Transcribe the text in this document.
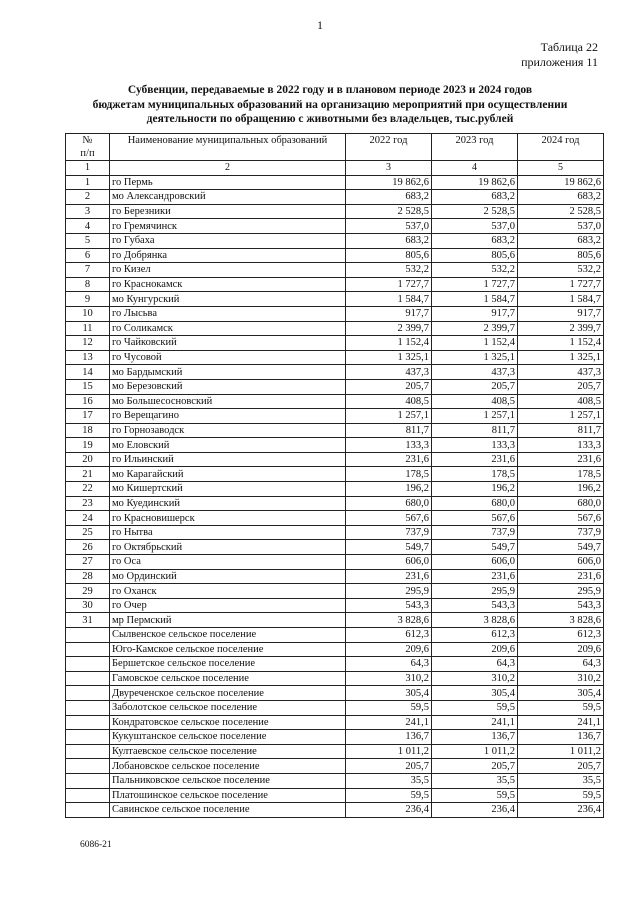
1
Таблица 22
приложения 11
Субвенции, передаваемые в 2022 году и в плановом периоде 2023 и 2024 годов
бюджетам муниципальных образований на организацию мероприятий при осуществлении
деятельности по обращению с животными без владельцев, тыс.рублей
№
п/п	Наименование муниципальных образований	2022 год	2023 год	2024 год
1	2	3	4	5
1	го Пермь	19 862,6	19 862,6	19 862,6
2	мо Александровский	683,2	683,2	683,2
3	го Березники	2 528,5	2 528,5	2 528,5
4	го Гремячинск	537,0	537,0	537,0
5	го Губаха	683,2	683,2	683,2
6	го Добрянка	805,6	805,6	805,6
7	го Кизел	532,2	532,2	532,2
8	го Краснокамск	1 727,7	1 727,7	1 727,7
9	мо Кунгурский	1 584,7	1 584,7	1 584,7
10	го Лысьва	917,7	917,7	917,7
11	го Соликамск	2 399,7	2 399,7	2 399,7
12	го Чайковский	1 152,4	1 152,4	1 152,4
13	го Чусовой	1 325,1	1 325,1	1 325,1
14	мо Бардымский	437,3	437,3	437,3
15	мо Березовский	205,7	205,7	205,7
16	мо Большесосновский	408,5	408,5	408,5
17	го Верещагино	1 257,1	1 257,1	1 257,1
18	го Горнозаводск	811,7	811,7	811,7
19	мо Еловский	133,3	133,3	133,3
20	го Ильинский	231,6	231,6	231,6
21	мо Карагайский	178,5	178,5	178,5
22	мо Кишертский	196,2	196,2	196,2
23	мо Куединский	680,0	680,0	680,0
24	го Красновишерск	567,6	567,6	567,6
25	го Нытва	737,9	737,9	737,9
26	го Октябрьский	549,7	549,7	549,7
27	го Оса	606,0	606,0	606,0
28	мо Ординский	231,6	231,6	231,6
29	го Оханск	295,9	295,9	295,9
30	го Очер	543,3	543,3	543,3
31	мр Пермский	3 828,6	3 828,6	3 828,6
	Сылвенское сельское поселение	612,3	612,3	612,3
	Юго-Камское сельское поселение	209,6	209,6	209,6
	Бершетское сельское поселение	64,3	64,3	64,3
	Гамовское сельское поселение	310,2	310,2	310,2
	Двуреченское сельское поселение	305,4	305,4	305,4
	Заболотское сельское поселение	59,5	59,5	59,5
	Кондратовское сельское поселение	241,1	241,1	241,1
	Кукуштанское сельское поселение	136,7	136,7	136,7
	Култаевское сельское поселение	1 011,2	1 011,2	1 011,2
	Лобановское сельское поселение	205,7	205,7	205,7
	Пальниковское сельское поселение	35,5	35,5	35,5
	Платошинское сельское поселение	59,5	59,5	59,5
	Савинское сельское поселение	236,4	236,4	236,4
6086-21
